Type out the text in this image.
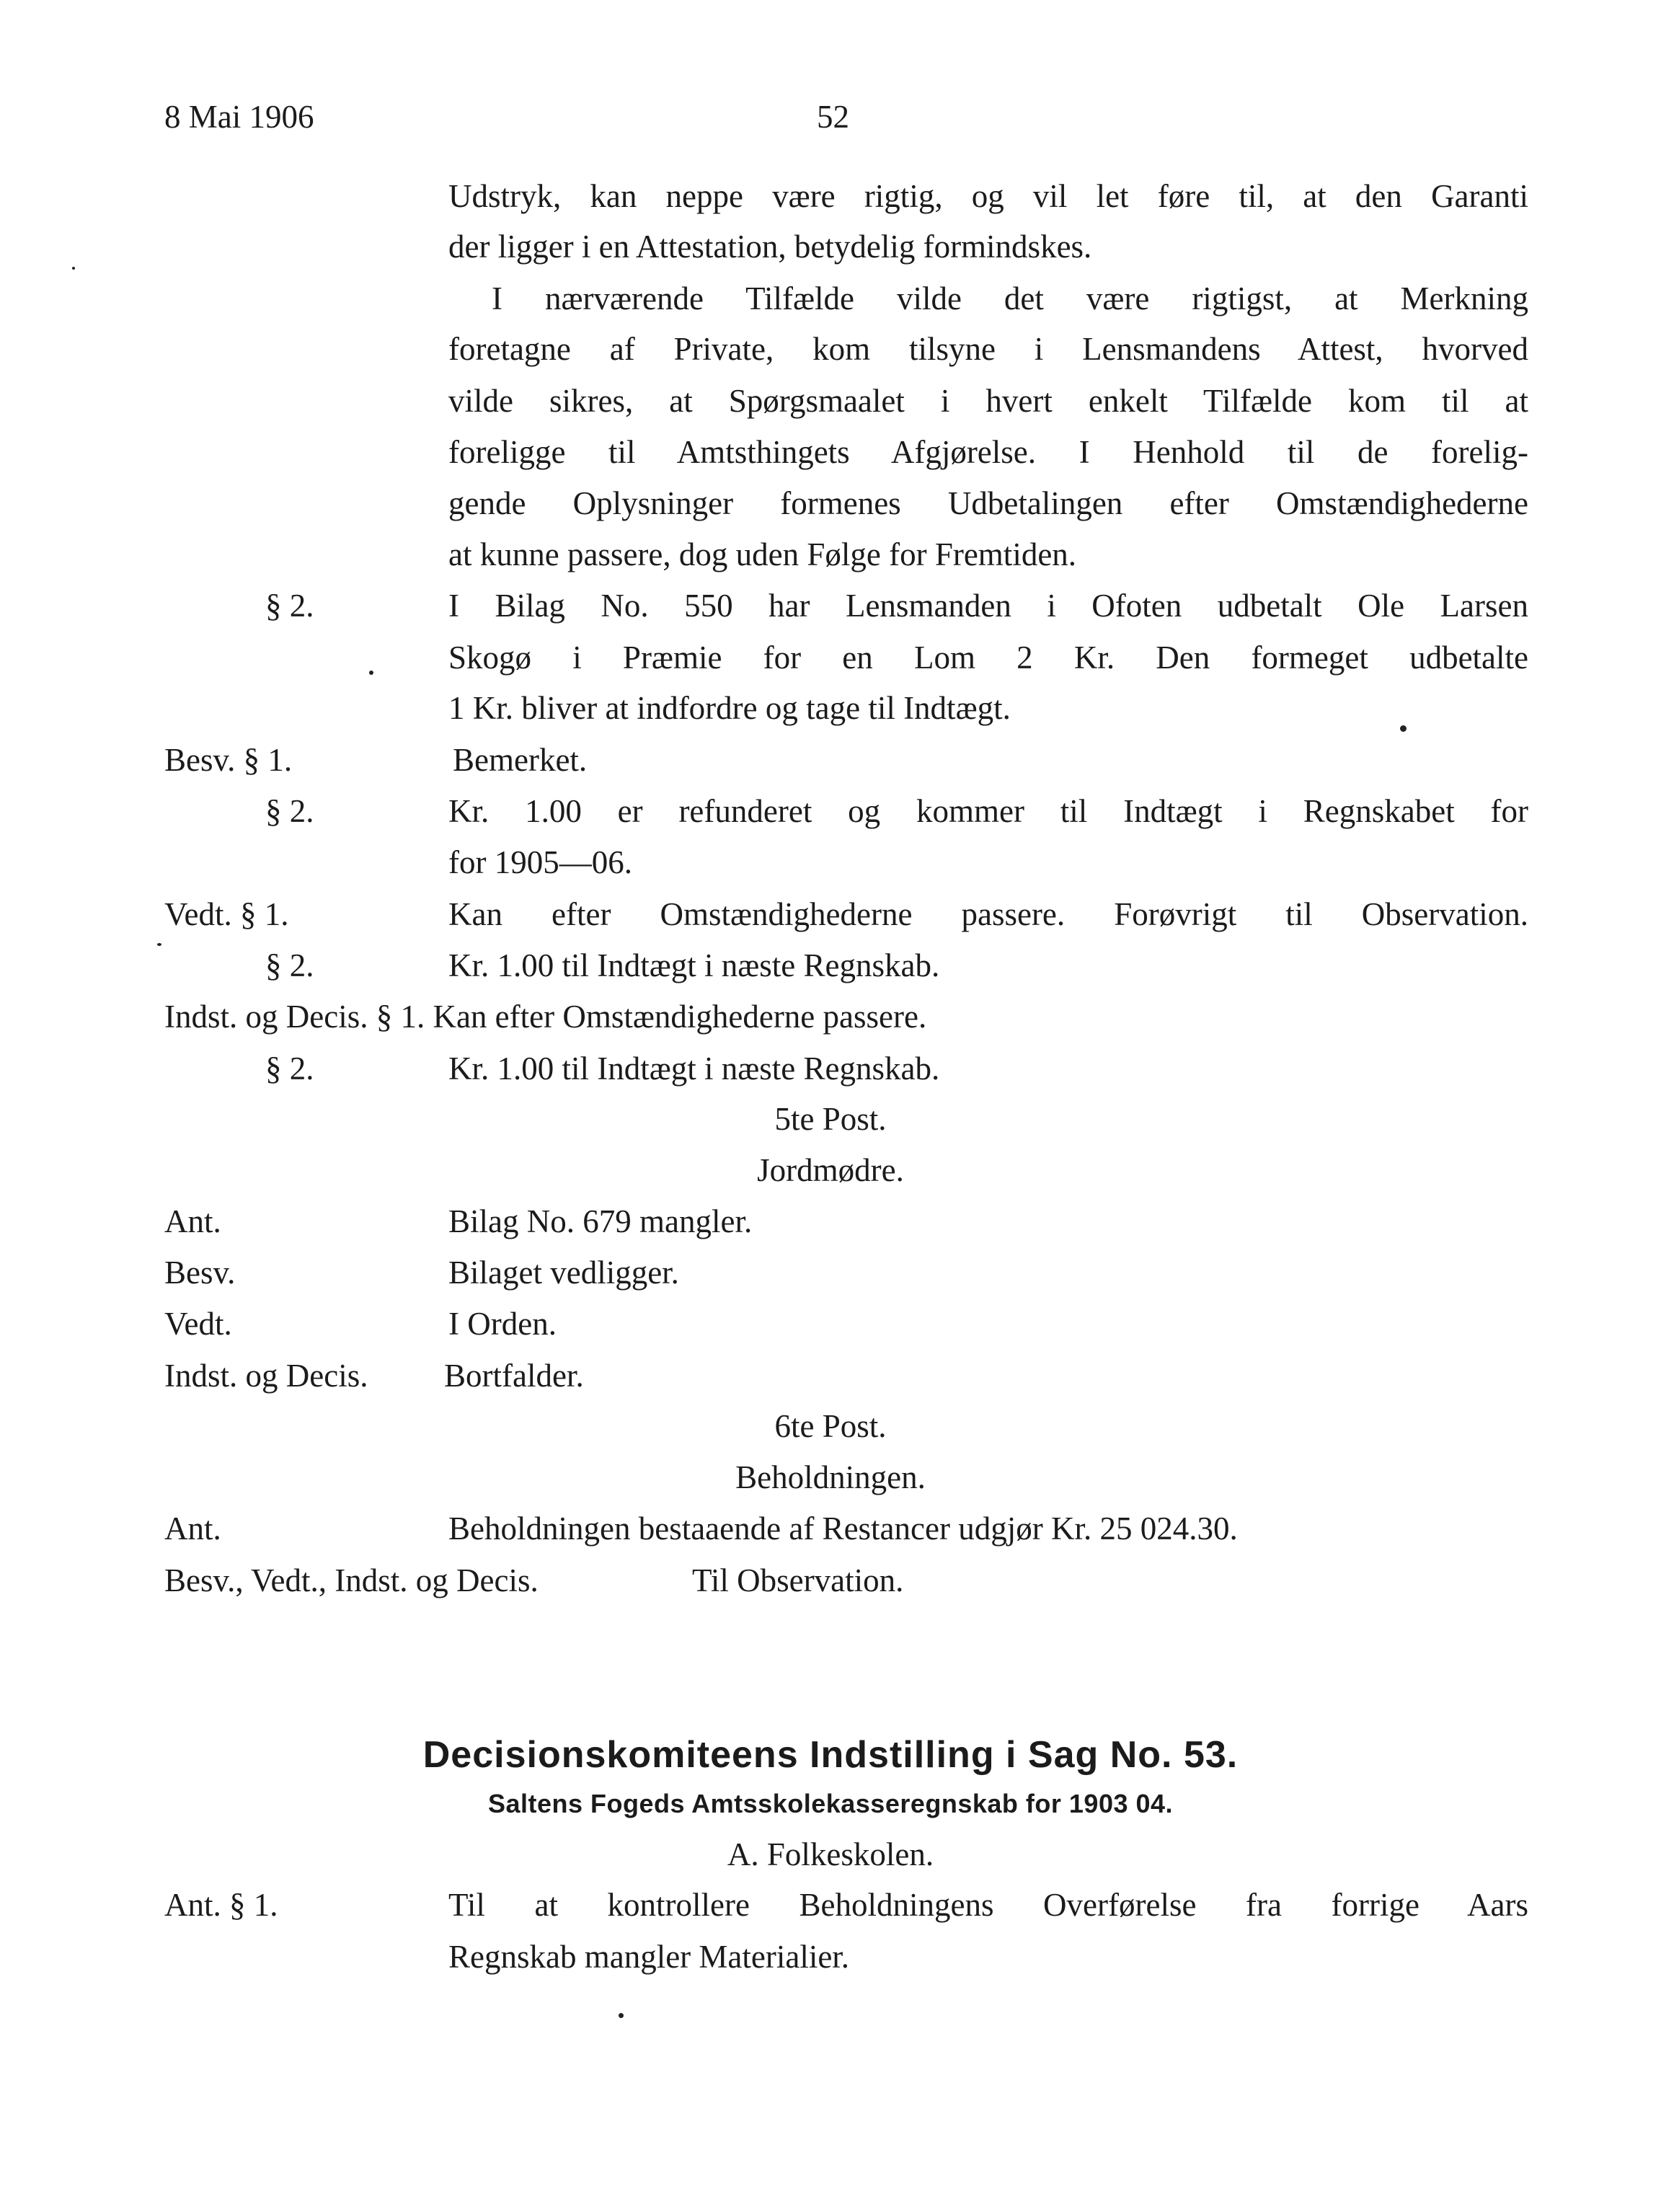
8 Mai 1906	52
Udstryk, kan neppe være rigtig, og vil let føre til, at den Garanti
der ligger i en Attestation, betydelig formindskes.
I nærværende Tilfælde vilde det være rigtigst, at Merkning
foretagne af Private, kom tilsyne i Lensmandens Attest, hvorved
vilde sikres, at Spørgsmaalet i hvert enkelt Tilfælde kom til at
foreligge til Amtsthingets Afgjørelse. I Henhold til de forelig-
gende Oplysninger formenes Udbetalingen efter Omstændighederne
at kunne passere, dog uden Følge for Fremtiden.
§ 2.	I Bilag No. 550 har Lensmanden i Ofoten udbetalt Ole Larsen
Skogø i Præmie for en Lom 2 Kr. Den formeget udbetalte
1 Kr. bliver at indfordre og tage til Indtægt.
Besv. § 1.	Bemerket.
§ 2.	Kr. 1.00 er refunderet og kommer til Indtægt i Regnskabet for
for 1905—06.
Vedt. § 1.	Kan efter Omstændighederne passere. Forøvrigt til Observation.
§ 2.	Kr. 1.00 til Indtægt i næste Regnskab.
Indst. og Decis. § 1. Kan efter Omstændighederne passere.
§ 2.	Kr. 1.00 til Indtægt i næste Regnskab.
5te Post.
Jordmødre.
Ant.	Bilag No. 679 mangler.
Besv.	Bilaget vedligger.
Vedt.	I Orden.
Indst. og Decis. Bortfalder.
6te Post.
Beholdningen.
Ant.	Beholdningen bestaaende af Restancer udgjør Kr. 25 024.30.
Besv., Vedt., Indst. og Decis.	Til Observation.
Decisionskomiteens Indstilling i Sag No. 53.
Saltens Fogeds Amtsskolekasseregnskab for 1903 04.
A. Folkeskolen.
Ant. § 1.	Til at kontrollere Beholdningens Overførelse fra forrige Aars
Regnskab mangler Materialier.
